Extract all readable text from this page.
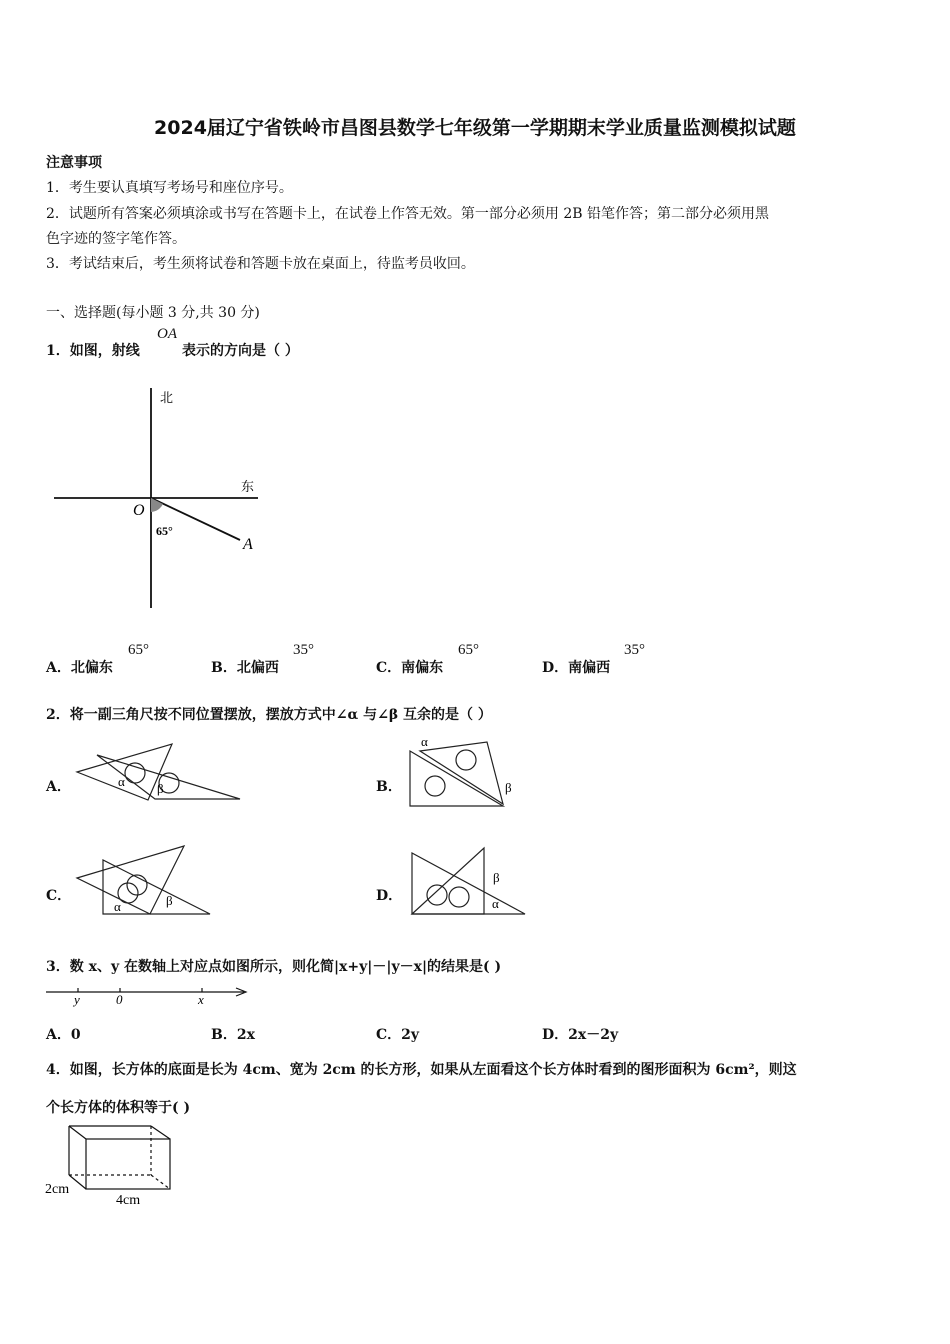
2024届辽宁省铁岭市昌图县数学七年级第一学期期末学业质量监测模拟试题
注意事项
1．考生要认真填写考场号和座位序号。
2．试题所有答案必须填涂或书写在答题卡上，在试卷上作答无效。第一部分必须用 2B 铅笔作答；第二部分必须用黑
色字迹的签字笔作答。
3．考试结束后，考生须将试卷和答题卡放在桌面上，待监考员收回。
一、选择题(每小题 3 分,共 30 分)
1．如图，射线
OA
表示的方向是（ ）
北
东
O
A
65°
A．北偏东
65°
B．北偏西
35°
C．南偏东
65°
D．南偏西
35°
2．将一副三角尺按不同位置摆放，摆放方式中∠α 与∠β 互余的是（ ）
A．	B．
C．	D．
α β
α
β
α	β
β
α
3．数 x、y 在数轴上对应点如图所示，则化简|x+y|－|y－x|的结果是( )
y	0	x
A．0	B．2x	C．2y	D．2x－2y
4．如图，长方体的底面是长为 4cm、宽为 2cm 的长方形，如果从左面看这个长方体时看到的图形面积为 6cm²，则这
个长方体的体积等于( )
2cm
4cm
